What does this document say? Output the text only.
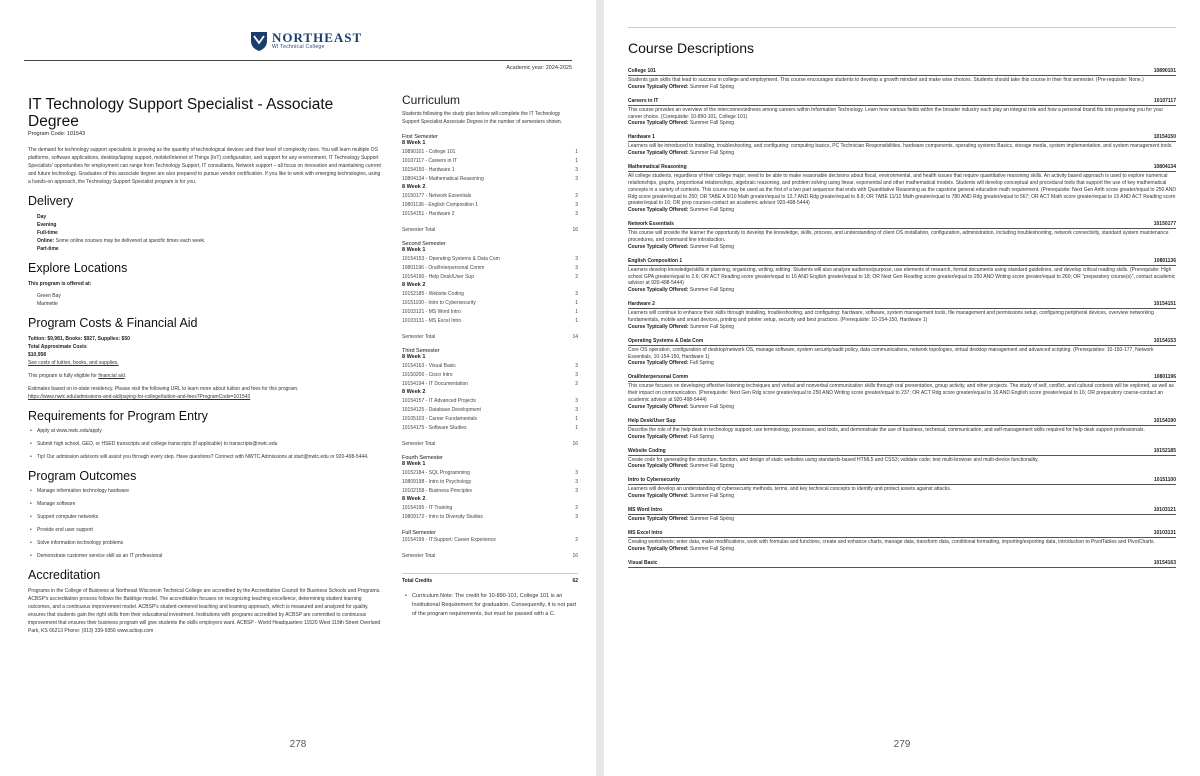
NORTHEAST
WI Technical College
Academic year: 2024-2025
IT Technology Support Specialist - Associate Degree
Program Code: 101543

The demand for technology support specialists is growing as the quantity of technological devices and their level of complexity rises. You will learn multiple OS platforms, software applications, desktop/laptop support, mobile/Internet of Things (IoT) configuration, and support for any environment. IT Technology Support Specialists' opportunities for employment can range from Technology Support, IT consultants, Network support – all focus on innovation and maintaining current and future technology. Graduates of this associate degree are also prepared to pursue vendor certification. If you like to work with emerging technologies, using a hands-on approach, the Technology Support Specialist program is for you.

Delivery
Day
Evening
Full-time
Online: Some online courses may be delivered at specific times each week.
Part-time
Explore Locations
This program is offered at:
Green Bay
Marinette
Program Costs & Financial Aid
Tuition: $9,981, Books: $927, Supplies: $50
Total Approximate Costs
$10,958
See costs of tuition, books, and supplies.
This program is fully eligible for financial aid.
Estimates based on in-state residency. Please visit the following URL to learn more about tuition and fees for this program.
https://www.nwtc.edu/admissions-and-aid/paying-for-college/tuition-and-fees?ProgramCode=101543
Requirements for Program Entry
• Apply at www.nwtc.edu/apply
• Submit high school, GED, or HSED transcripts and college transcripts (if applicable) to transcripts@nwtc.edu
• Tip! Our admission advisors will assist you through every step. Have questions? Connect with NWTC Admissions at start@nwtc.edu or 920-498-5444.
Program Outcomes
• Manage information technology hardware
• Manage software
• Support computer networks
• Provide end user support
• Solve information technology problems
• Demonstrate customer service skill as an IT professional
Accreditation

Programs in the College of Business at Northeast Wisconsin Technical College are accredited by the Accreditation Council for Business Schools and Programs. ACBSP's accreditation process follows the Baldrige model. The accreditation focuses on recognizing teaching excellence, determining student learning outcomes, and a continuous improvement model. ACBSP's student-centered teaching and learning approach, which is measured and analyzed for quality, ensures that students gain the right skills from their educational investment. Institutions with programs accredited by ACBSP are committed to continuous improvement that ensures their business program will give students the skills employers want. ACBSP - World Headquarters 11520 West 119th Street Overland Park, KS 66213 Phone: (913) 339-9356 www.acbsp.com

Curriculum

Students following the study plan below will complete the IT Technology Support Specialist Associate Degree in the number of semesters shown.

First Semester
8 Week 1
10890101 - College 101	1
10107117 - Careers in IT	1
10154150 - Hardware 1	3
10804134 - Mathematical Reasoning	3
8 Week 2
10150177 - Network Essentials	2
10801136 - English Composition 1	3
10154151 - Hardware 2	3
Semester Total	16
Second Semester
8 Week 1
10154153 - Operating Systems & Data Com	3
10801196 - Oral/Interpersonal Comm	3
10154190 - Help Desk/User Sup	2
8 Week 2
10152185 - Website Coding	3
10151100 - Intro to Cybersecurity	1
10103121 - MS Word Intro	1
10103131 - MS Excel Intro	1
Semester Total	14
Third Semester
8 Week 1
10154163 - Visual Basic	3
10150200 - Cisco Intro	3
10154194 - IT Documentation	2
8 Week 2
10154157 - IT Advanced Projects	3
10154125 - Database Development	3
10105103 - Career Fundamentals	1
10154175 - Software Studies	1
Semester Total	16
Fourth Semester
8 Week 1
10152184 - SQL Programming	3
10809198 - Intro to Psychology	3
10102158 - Business Principles	3
8 Week 2
10154195 - IT Training	2
10809172 - Intro to Diversity Studies	3
Full Semester
10154199 - IT:Support: Career Experience	2
Semester Total	16
Total Credits	62
• Curriculum Note: The credit for 10-890-101, College 101 is an Institutional Requirement for graduation. Consequently, it is not part of the program requirements, but must be passed with a C.
278
Course Descriptions
College 101	10890101
Students gain skills that lead to success in college and employment. This course encourages students to develop a growth mindset and make wise choices. Students should take this course in their first semester. (Pre-requisite: None.)
Course Typically Offered: Summer Fall Spring
Careers in IT	10107117
This course provides an overview of the interconnectedness among careers within Information Technology. Learn how various fields within the broader industry each play an integral role and how a personal brand fits into preparing you for your career choice. (Corequisite: 10-890-101, College 101)
Course Typically Offered: Summer Fall Spring
Hardware 1	10154150
Learners will be introduced to installing, troubleshooting, and configuring: computing basics, PC Technician Responsibilities, hardware components, operating systems Basics, storage media, system implementation, and system management tools.
Course Typically Offered: Summer Fall Spring
Mathematical Reasoning	10804134
All college students, regardless of their college major, need to be able to make reasonable decisions about fiscal, environmental, and health issues that require quantitative reasoning skills. An activity based approach is used to explore numerical relationships, graphs, proportional relationships, algebraic reasoning, and problem solving using linear, exponential and other mathematical models. Students will develop conceptual and procedural tools that support the use of key mathematical concepts in a variety of contexts. This course may be used as the first of a two part sequence that ends with Quantitative Reasoning as the capstone general education math requirement. (Prerequisite: Next Gen Arith score greater/equal to 250 AND Rdg score greater/equal to 250; OR TABE A 9/10 Math greater/equal to 12.7 AND Rdg greater/equal to 8.8; OR TABE 11/12 Math greater/equal to 780 AND Rdg greater/equal to 567; OR ACT Math score greater/equal to 15 AND ACT Reading score greater/equal to 16; OR prep courses-contact an academic advisor 920-498-5444)
Course Typically Offered: Summer Fall Spring
Network Essentials	10150177
This course will provide the learner the opportunity to develop the knowledge, skills, process, and understanding of client OS installation, configuration, administration, including troubleshooting, network connectivity, standard system maintenance procedures, and command line introduction.
Course Typically Offered: Summer Fall Spring
English Composition 1	10801136
Learners develop knowledge/skills in planning, organizing, writing, editing. Students will also analyze audience/purpose, use elements of research, format documents using standard guidelines, and develop critical reading skills. (Prerequisite: High school GPA greater/equal to 2.6; OR ACT Reading score greater/equal to 16 AND English greater/equal to 18; OR Next Gen Reading score greater/equal to 250 AND Writing score greater/equal to 260; OR "preparatory course(s)", contact academic advisor at 920-498-5444)
Course Typically Offered: Summer Fall Spring
Hardware 2	10154151
Learners will continue to enhance their skills through installing, troubleshooting, and configuring: hardware, software, system management tools, file management and permissions setup, configuring peripheral devices, overview networking fundamentals, mobile and smart devices, printing and printer setup, security and best practices. (Prerequisite: 10-154-150, Hardware 1)
Course Typically Offered: Summer Fall Spring
Operating Systems & Data Com	10154153
Core OS operation, configuration of desktop/network OS, manage software, system security/audit policy, data communications, network topologies, virtual desktop management and advanced scripting. (Prerequisites: 10-150-177, Network Essentials, 10-154-150, Hardware 1)
Course Typically Offered: Fall Spring
Oral/Interpersonal Comm	10801196
This course focuses on developing effective listening techniques and verbal and nonverbal communication skills through oral presentation, group activity, and other projects. The study of self, conflict, and cultural contexts will be explored, as well as their impact on communication. (Prerequisite: Next Gen Rdg score greater/equal to 250 AND Writing score greater/equal to 237; OR ACT Rdg score greater/equal to 16 AND English score greater/equal to 16; OR preparatory course-contact an academic advisor at 920-498-5444)
Course Typically Offered: Summer Fall Spring
Help Desk/User Sup	10154190
Describe the role of the help desk in technology support, use terminology, processes, and tools, and demonstrate the use of business, technical, communication, and self-management skills required for help desk support professionals.
Course Typically Offered: Fall Spring
Website Coding	10152185
Create code for generating the structure, function, and design of static websites using standards-based HTML5 and CSS3; validate code; test multi-browser and multi-device functionality.
Course Typically Offered: Summer Fall Spring
Intro to Cybersecurity	10151100
Learners will develop an understanding of cybersecurity methods, terms, and key technical concepts to identify and protect assets against attacks.
Course Typically Offered: Summer Fall Spring
MS Word Intro	10103121
Course Typically Offered: Summer Fall Spring
MS Excel Intro	10103131
Creating worksheets; enter data, make modifications, work with formulas and functions, create and enhance charts, manage data, transform data, conditional formatting, importing/exporting data, introduction to PivotTables and PivotCharts.
Course Typically Offered: Summer Fall Spring
Visual Basic	10154163
279
